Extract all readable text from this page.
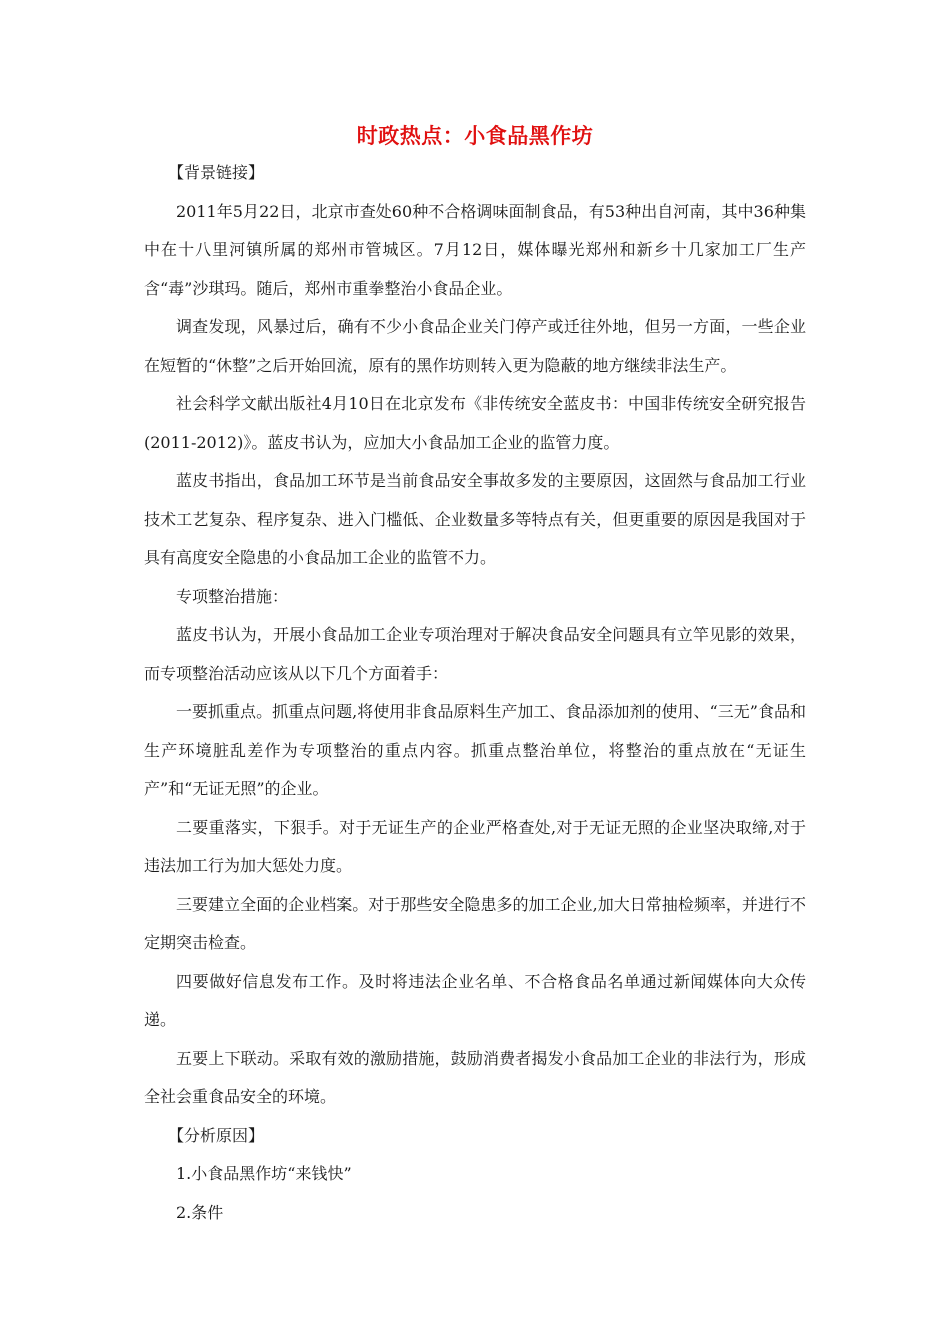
时政热点：小食品黑作坊

【背景链接】

2011年5月22日，北京市查处60种不合格调味面制食品，有53种出自河南，其中36种集中在十八里河镇所属的郑州市管城区。7月12日，媒体曝光郑州和新乡十几家加工厂生产含“毒”沙琪玛。随后，郑州市重拳整治小食品企业。

调查发现，风暴过后，确有不少小食品企业关门停产或迁往外地，但另一方面，一些企业在短暂的“休整”之后开始回流，原有的黑作坊则转入更为隐蔽的地方继续非法生产。

社会科学文献出版社4月10日在北京发布《非传统安全蓝皮书：中国非传统安全研究报告(2011-2012)》。蓝皮书认为，应加大小食品加工企业的监管力度。

蓝皮书指出，食品加工环节是当前食品安全事故多发的主要原因，这固然与食品加工行业技术工艺复杂、程序复杂、进入门槛低、企业数量多等特点有关，但更重要的原因是我国对于具有高度安全隐患的小食品加工企业的监管不力。

专项整治措施：

蓝皮书认为，开展小食品加工企业专项治理对于解决食品安全问题具有立竿见影的效果，而专项整治活动应该从以下几个方面着手：

一要抓重点。抓重点问题,将使用非食品原料生产加工、食品添加剂的使用、“三无”食品和生产环境脏乱差作为专项整治的重点内容。抓重点整治单位，将整治的重点放在“无证生产”和“无证无照”的企业。

二要重落实，下狠手。对于无证生产的企业严格查处,对于无证无照的企业坚决取缔,对于违法加工行为加大惩处力度。

三要建立全面的企业档案。对于那些安全隐患多的加工企业,加大日常抽检频率，并进行不定期突击检查。

四要做好信息发布工作。及时将违法企业名单、不合格食品名单通过新闻媒体向大众传递。

五要上下联动。采取有效的激励措施，鼓励消费者揭发小食品加工企业的非法行为，形成全社会重食品安全的环境。

【分析原因】

1.小食品黑作坊“来钱快”

2.条件
